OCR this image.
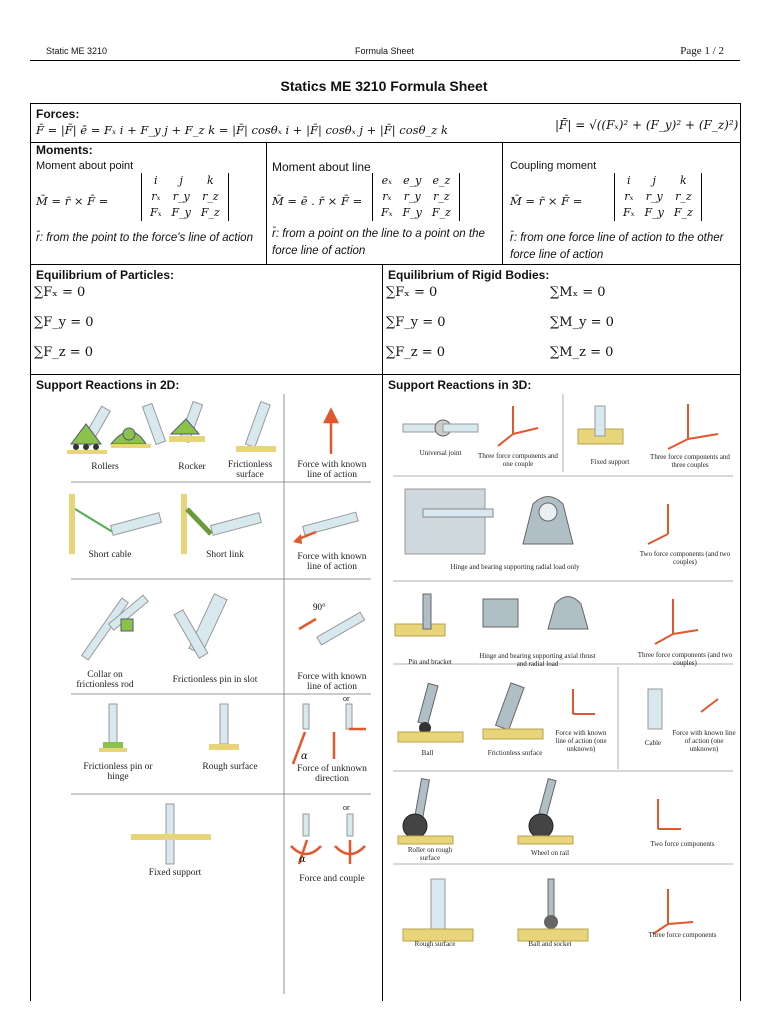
Static ME 3210	Formula Sheet	Page 1 / 2
Statics ME 3210 Formula Sheet
Forces:
F̄ = |F̄| ē = Fₓ i + F_y j + F_z k = |F̄| cosθₓ i + |F̄| cosθₓ j + |F̄| cosθ_z k	|F̄| = √((Fₓ)² + (F_y)² + (F_z)²)
Moments:
Moment about point
M̄ = r̄ × F̄ =
i	j	k
rₓ	r_y	r_z
Fₓ	F_y	F_z
r̄: from the point to the force's line of action
Moment about line
M̄ = ē . r̄ × F̄ =
eₓ	e_y	e_z
rₓ	r_y	r_z
Fₓ	F_y	F_z
r̄: from a point on the line to a point on the force line of action
Coupling moment
M̄ = r̄ × F̄ =
i	j	k
rₓ	r_y	r_z
Fₓ	F_y	F_z
r̄: from one force line of action to the other force line of action
Equilibrium of Particles:
∑Fₓ = 0
∑F_y = 0
∑F_z = 0
Equilibrium of Rigid Bodies:
∑Fₓ = 0
∑F_y = 0
∑F_z = 0
∑Mₓ = 0
∑M_y = 0
∑M_z = 0
Support Reactions in 2D:
90°
or
α
or
α
Rollers	Rocker	Frictionless surface
Force with known line of action
Short cable	Short link	Force with known line of action
Collar on frictionless rod	Frictionless pin in slot	Force with known line of action
Frictionless pin or hinge
Rough surface	Force of unknown direction
Fixed support
Force and couple
Support Reactions in 3D:
Universal joint	Three force components and one couple	Fixed support
Three force components and three couples
Hinge and bearing supporting radial load only
Two force components (and two couples)
Pin and bracket
Hinge and bearing supporting axial thrust and radial load
Three force components (and two couples)
Ball	Frictionless surface
Force with known line of action (one unknown)
Cable
Force with known line of action (one unknown)
Roller on rough surface
Wheel on rail
Two force components
Rough surface	Ball and socket
Three force components
